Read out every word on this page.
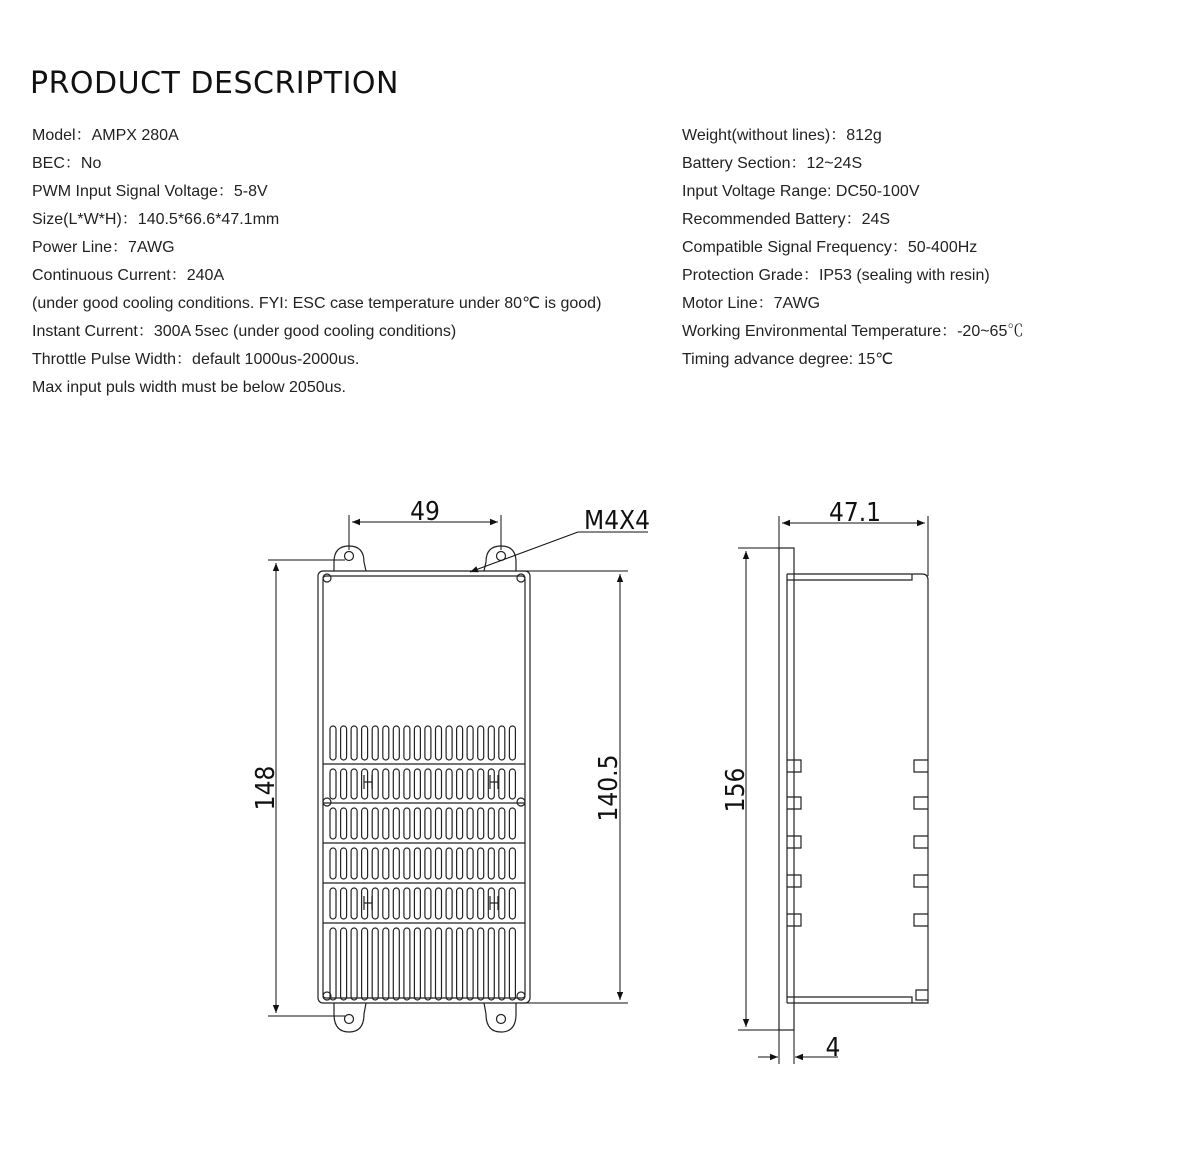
PRODUCT DESCRIPTION
Model：AMPX 280A
BEC：No
PWM Input Signal Voltage：5-8V
Size(L*W*H)：140.5*66.6*47.1mm
Power Line：7AWG
Continuous Current：240A
(under good cooling conditions. FYI: ESC case temperature under 80℃ is good)
Instant Current：300A 5sec (under good cooling conditions)
Throttle Pulse Width：default 1000us-2000us.
Max input puls width must be below 2050us.
Weight(without lines)：812g
Battery Section：12~24S
Input Voltage Range: DC50-100V
Recommended Battery：24S
Compatible Signal Frequency：50-400Hz
Protection Grade：IP53 (sealing with resin)
Motor Line：7AWG
Working Environmental Temperature：-20~65℃
Timing advance degree: 15℃
49	M4X4
148	140.5
47.1
156
4
